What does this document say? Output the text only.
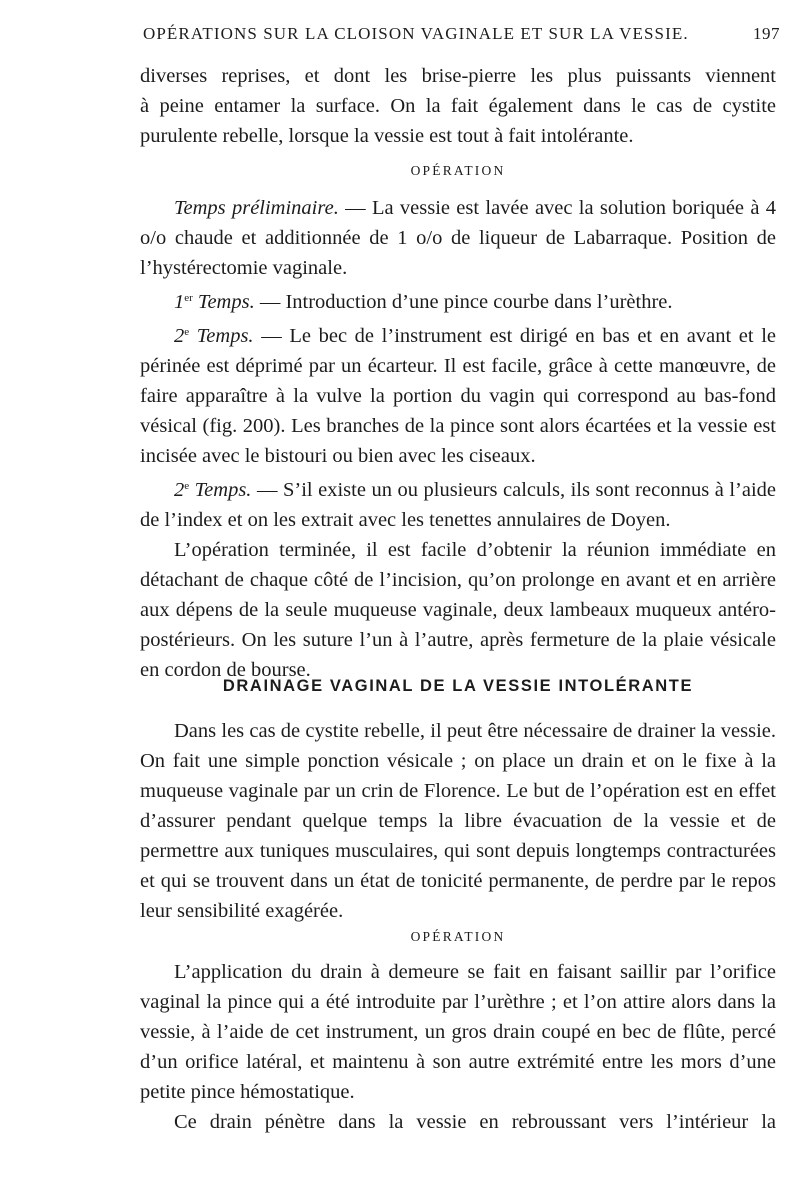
OPÉRATIONS SUR LA CLOISON VAGINALE ET SUR LA VESSIE.	197

diverses reprises, et dont les brise-pierre les plus puissants viennent

à peine entamer la surface. On la fait également dans le cas de cystite

purulente rebelle, lorsque la vessie est tout à fait intolérante.

OPÉRATION

Temps préliminaire. — La vessie est lavée avec la solution boriquée à 4 o/o chaude et additionnée de 1 o/o de liqueur de Labarraque. Position de l’hystérectomie vaginale.

1er Temps. — Introduction d’une pince courbe dans l’urèthre.

2e Temps. — Le bec de l’instrument est dirigé en bas et en avant et le périnée est déprimé par un écarteur. Il est facile, grâce à cette manœuvre, de faire apparaître à la vulve la portion du vagin qui correspond au bas-fond vésical (fig. 200). Les branches de la pince sont alors écartées et la vessie est incisée avec le bistouri ou bien avec les ciseaux.

2e Temps. — S’il existe un ou plusieurs calculs, ils sont reconnus à l’aide de l’index et on les extrait avec les tenettes annulaires de Doyen.

L’opération terminée, il est facile d’obtenir la réunion immédiate en détachant de chaque côté de l’incision, qu’on prolonge en avant et en arrière aux dépens de la seule muqueuse vaginale, deux lambeaux muqueux antéro-postérieurs. On les suture l’un à l’autre, après fermeture de la plaie vésicale en cordon de bourse.

DRAINAGE VAGINAL DE LA VESSIE INTOLÉRANTE

Dans les cas de cystite rebelle, il peut être nécessaire de drainer la vessie. On fait une simple ponction vésicale ; on place un drain et on le fixe à la muqueuse vaginale par un crin de Florence. Le but de l’opération est en effet d’assurer pendant quelque temps la libre évacuation de la vessie et de permettre aux tuniques musculaires, qui sont depuis longtemps contracturées et qui se trouvent dans un état de tonicité permanente, de perdre par le repos leur sensibilité exagérée.

OPÉRATION

L’application du drain à demeure se fait en faisant saillir par l’orifice vaginal la pince qui a été introduite par l’urèthre ; et l’on attire alors dans la vessie, à l’aide de cet instrument, un gros drain coupé en bec de flûte, percé d’un orifice latéral, et maintenu à son autre extrémité entre les mors d’une petite pince hémostatique.

Ce drain pénètre dans la vessie en rebroussant vers l’intérieur la
